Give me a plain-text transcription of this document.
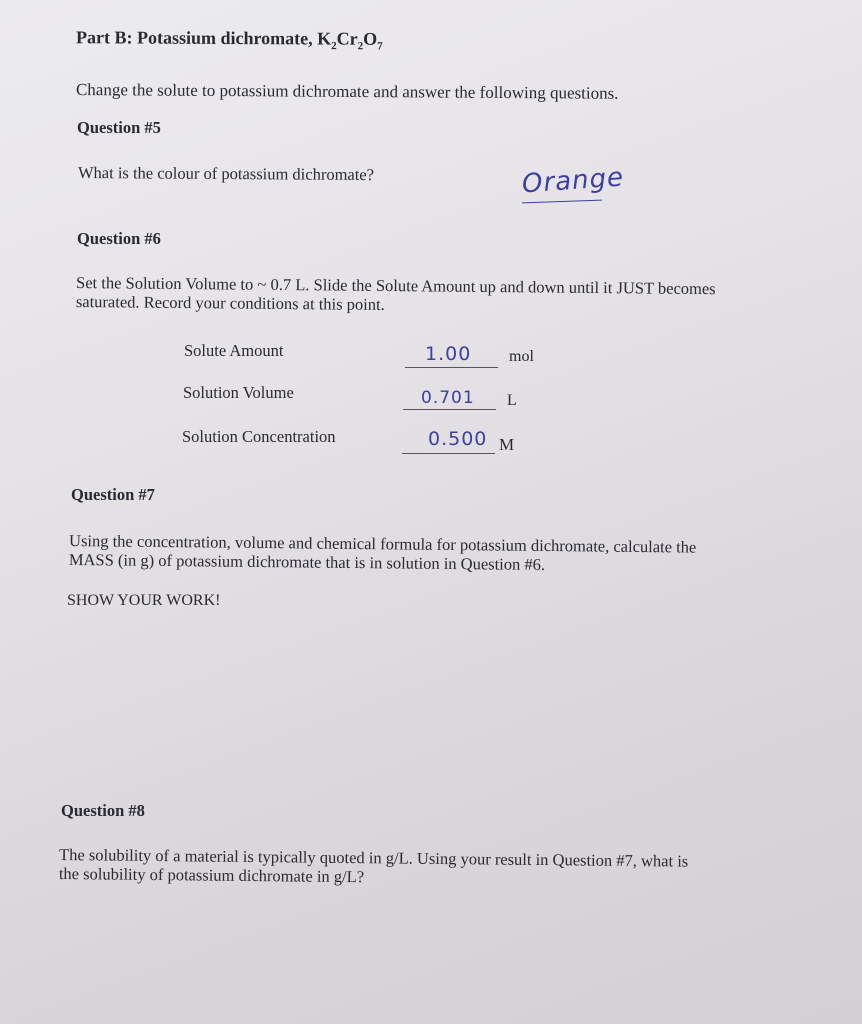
Part B: Potassium dichromate, $K_2Cr_2O_7$

Change the solute to potassium dichromate and answer the following questions.

Question #5

What is the colour of potassium dichromate?	Orange
Question #6

Set the Solution Volume to ~ 0.7 L. Slide the Solute Amount up and down until it JUST becomes
saturated. Record your conditions at this point.

Solute Amount	1.00 mol
Solution Volume	0.701 L
Solution Concentration	0.500 M
Question #7

Using the concentration, volume and chemical formula for potassium dichromate, calculate the
MASS (in g) of potassium dichromate that is in solution in Question #6.

SHOW YOUR WORK!

Question #8

The solubility of a material is typically quoted in g/L. Using your result in Question #7, what is
the solubility of potassium dichromate in g/L?
